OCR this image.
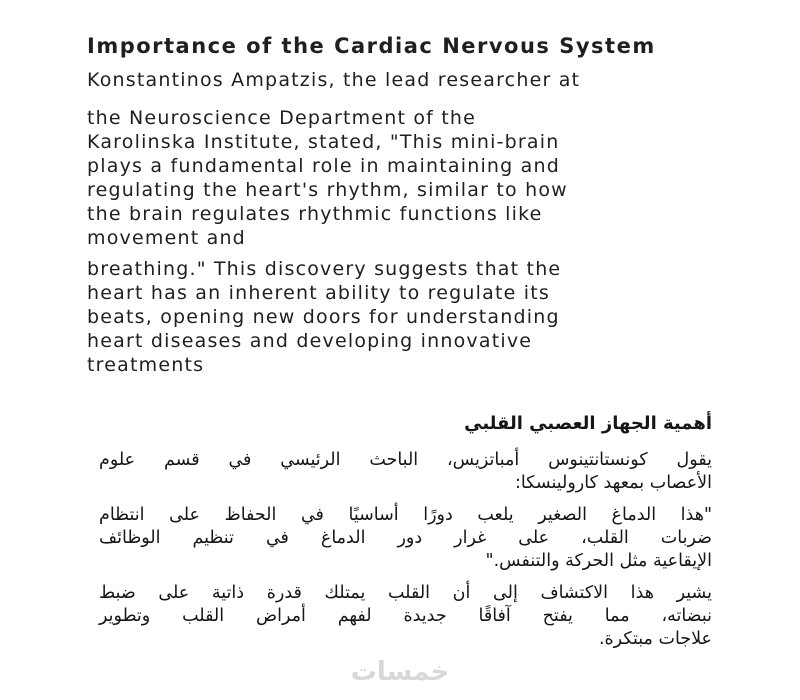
Importance of the Cardiac Nervous System
Konstantinos Ampatzis, the lead researcher at
the Neuroscience Department of the
Karolinska Institute, stated, "This mini-brain
plays a fundamental role in maintaining and
regulating the heart's rhythm, similar to how
the brain regulates rhythmic functions like
movement and
breathing." This discovery suggests that the
heart has an inherent ability to regulate its
beats, opening new doors for understanding
heart diseases and developing innovative
treatments
أهمية الجهاز العصبي القلبي
يقول كونستانتينوس أمباتزيس، الباحث الرئيسي في قسم علوم
الأعصاب بمعهد كارولينسكا:
"هذا الدماغ الصغير يلعب دورًا أساسيًا في الحفاظ على انتظام
ضربات القلب، على غرار دور الدماغ في تنظيم الوظائف
الإيقاعية مثل الحركة والتنفس."
يشير هذا الاكتشاف إلى أن القلب يمتلك قدرة ذاتية على ضبط
نبضاته، مما يفتح آفاقًا جديدة لفهم أمراض القلب وتطوير
علاجات مبتكرة.
خمسات
